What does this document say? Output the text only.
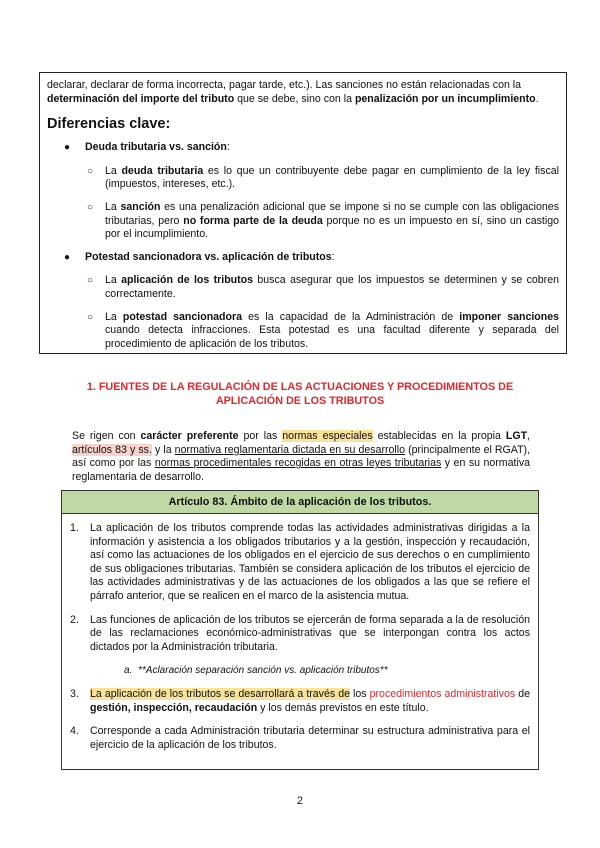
declarar, declarar de forma incorrecta, pagar tarde, etc.). Las sanciones no están relacionadas con la
determinación del importe del tributo que se debe, sino con la penalización por un incumplimiento.

Diferencias clave:
● Deuda tributaria vs. sanción:
○ La deuda tributaria es lo que un contribuyente debe pagar en cumplimiento de la ley fiscal (impuestos, intereses, etc.).
○ La sanción es una penalización adicional que se impone si no se cumple con las obligaciones tributarias, pero no forma parte de la deuda porque no es un impuesto en sí, sino un castigo por el incumplimiento.
● Potestad sancionadora vs. aplicación de tributos:
○ La aplicación de los tributos busca asegurar que los impuestos se determinen y se cobren correctamente.
○ La potestad sancionadora es la capacidad de la Administración de imponer sanciones cuando detecta infracciones. Esta potestad es una facultad diferente y separada del procedimiento de aplicación de los tributos.

1. FUENTES DE LA REGULACIÓN DE LAS ACTUACIONES Y PROCEDIMIENTOS DE APLICACIÓN DE LOS TRIBUTOS

Se rigen con carácter preferente por las normas especiales establecidas en la propia LGT, artículos 83 y ss. y la normativa reglamentaria dictada en su desarrollo (principalmente el RGAT), así como por las normas procedimentales recogidas en otras leyes tributarias y en su normativa reglamentaria de desarrollo.

Artículo 83. Ámbito de la aplicación de los tributos.
1. La aplicación de los tributos comprende todas las actividades administrativas dirigidas a la información y asistencia a los obligados tributarios y a la gestión, inspección y recaudación, así como las actuaciones de los obligados en el ejercicio de sus derechos o en cumplimiento de sus obligaciones tributarias. También se considera aplicación de los tributos el ejercicio de las actividades administrativas y de las actuaciones de los obligados a las que se refiere el párrafo anterior, que se realicen en el marco de la asistencia mutua.
2. Las funciones de aplicación de los tributos se ejercerán de forma separada a la de resolución de las reclamaciones económico-administrativas que se interpongan contra los actos dictados por la Administración tributaria.

a. **Aclaración separación sanción vs. aplicación tributos**

3. La aplicación de los tributos se desarrollará a través de los procedimientos administrativos de gestión, inspección, recaudación y los demás previstos en este título.
4. Corresponde a cada Administración tributaria determinar su estructura administrativa para el ejercicio de la aplicación de los tributos.

2
